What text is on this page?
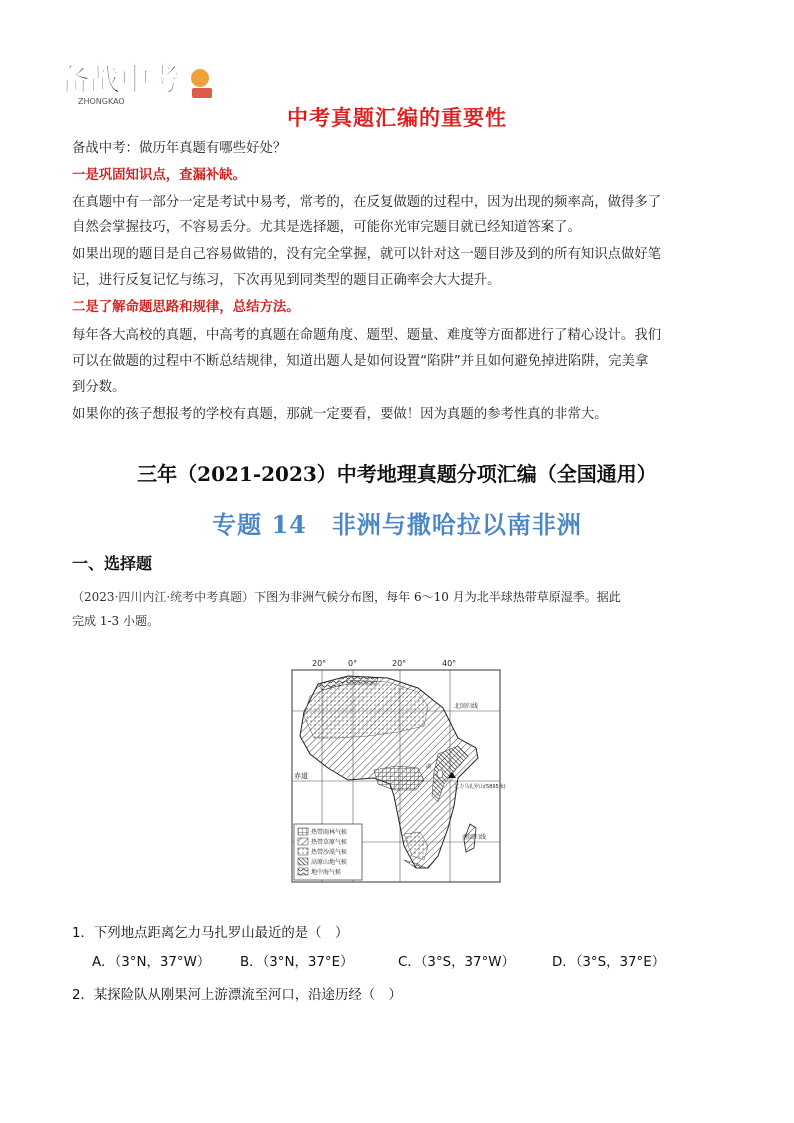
备战中考
ZHONGKAO
中考真题汇编的重要性
备战中考：做历年真题有哪些好处？
一是巩固知识点，查漏补缺。
在真题中有一部分一定是考试中易考，常考的，在反复做题的过程中，因为出现的频率高，做得多了
自然会掌握技巧，不容易丢分。尤其是选择题，可能你光审完题目就已经知道答案了。
如果出现的题目是自己容易做错的，没有完全掌握，就可以针对这一题目涉及到的所有知识点做好笔
记，进行反复记忆与练习，下次再见到同类型的题目正确率会大大提升。
二是了解命题思路和规律，总结方法。
每年各大高校的真题，中高考的真题在命题角度、题型、题量、难度等方面都进行了精心设计。我们
可以在做题的过程中不断总结规律，知道出题人是如何设置“陷阱”并且如何避免掉进陷阱，完美拿
到分数。
如果你的孩子想报考的学校有真题，那就一定要看，要做！因为真题的参考性真的非常大。
三年（2021-2023）中考地理真题分项汇编（全国通用）
专题 14　非洲与撒哈拉以南非洲
一、选择题
（2023·四川内江·统考中考真题）下图为非洲气候分布图，每年 6～10 月为北半球热带草原湿季。据此
完成 1-3 小题。
20°	0°	20°	40°
北回归线
赤道
乞力马扎罗山(5895米)
湖
南回归线
热带雨林气候
热带草原气候
热带沙漠气候
高原山地气候
地中海气候
1．下列地点距离乞力马扎罗山最近的是（　）
A．（3°N，37°W） B．（3°N，37°E）	C．（3°S，37°W）	D．（3°S，37°E）
2．某探险队从刚果河上游漂流至河口，沿途历经（　）
